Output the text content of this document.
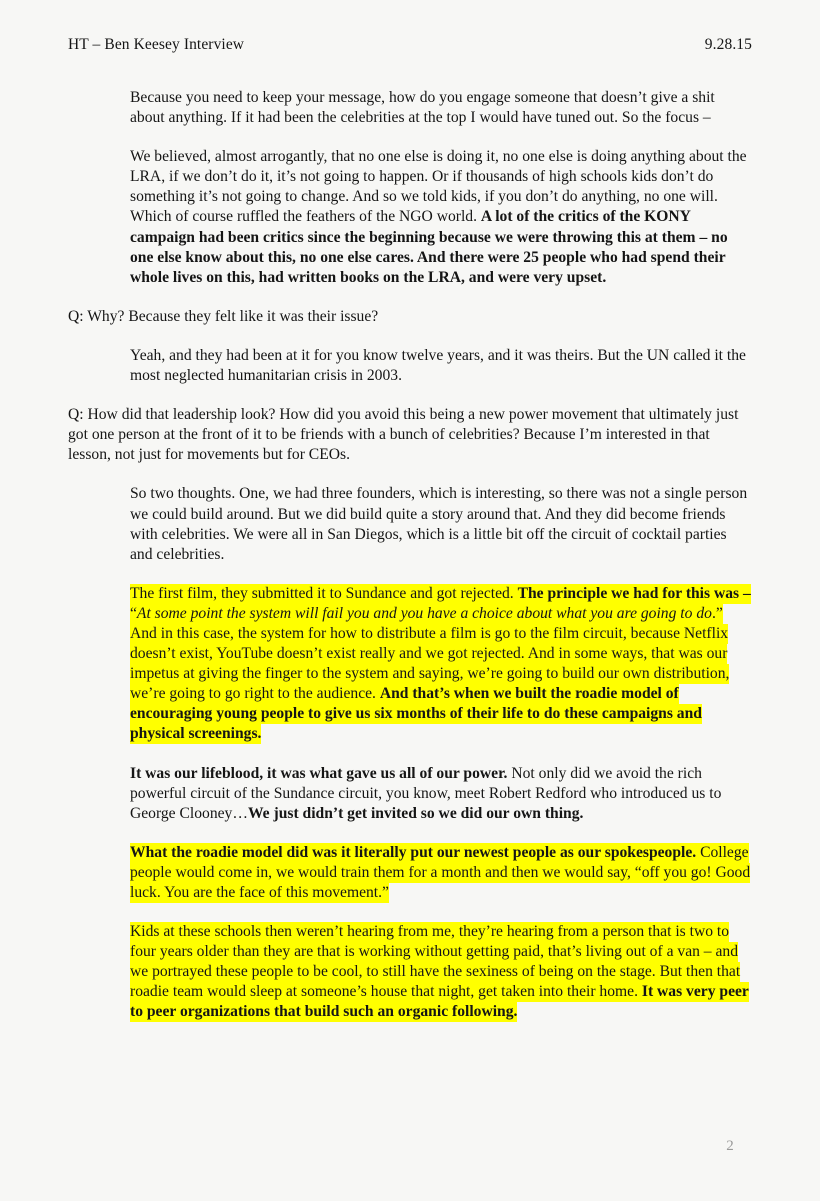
HT – Ben Keesey Interview	9.28.15

Because you need to keep your message, how do you engage someone that doesn’t give a shit about anything. If it had been the celebrities at the top I would have tuned out. So the focus –

We believed, almost arrogantly, that no one else is doing it, no one else is doing anything about the LRA, if we don’t do it, it’s not going to happen. Or if thousands of high schools kids don’t do something it’s not going to change. And so we told kids, if you don’t do anything, no one will. Which of course ruffled the feathers of the NGO world. A lot of the critics of the KONY campaign had been critics since the beginning because we were throwing this at them – no one else know about this, no one else cares. And there were 25 people who had spend their whole lives on this, had written books on the LRA, and were very upset.

Q: Why? Because they felt like it was their issue?

Yeah, and they had been at it for you know twelve years, and it was theirs. But the UN called it the most neglected humanitarian crisis in 2003.

Q: How did that leadership look? How did you avoid this being a new power movement that ultimately just got one person at the front of it to be friends with a bunch of celebrities? Because I’m interested in that lesson, not just for movements but for CEOs.

So two thoughts. One, we had three founders, which is interesting, so there was not a single person we could build around. But we did build quite a story around that. And they did become friends with celebrities. We were all in San Diegos, which is a little bit off the circuit of cocktail parties and celebrities.

The first film, they submitted it to Sundance and got rejected. The principle we had for this was – “At some point the system will fail you and you have a choice about what you are going to do.” And in this case, the system for how to distribute a film is go to the film circuit, because Netflix doesn’t exist, YouTube doesn’t exist really and we got rejected. And in some ways, that was our impetus at giving the finger to the system and saying, we’re going to build our own distribution, we’re going to go right to the audience. And that’s when we built the roadie model of encouraging young people to give us six months of their life to do these campaigns and physical screenings.

It was our lifeblood, it was what gave us all of our power. Not only did we avoid the rich powerful circuit of the Sundance circuit, you know, meet Robert Redford who introduced us to George Clooney…We just didn’t get invited so we did our own thing.

What the roadie model did was it literally put our newest people as our spokespeople. College people would come in, we would train them for a month and then we would say, “off you go! Good luck. You are the face of this movement.”

Kids at these schools then weren’t hearing from me, they’re hearing from a person that is two to four years older than they are that is working without getting paid, that’s living out of a van – and we portrayed these people to be cool, to still have the sexiness of being on the stage. But then that roadie team would sleep at someone’s house that night, get taken into their home. It was very peer to peer organizations that build such an organic following.

2
